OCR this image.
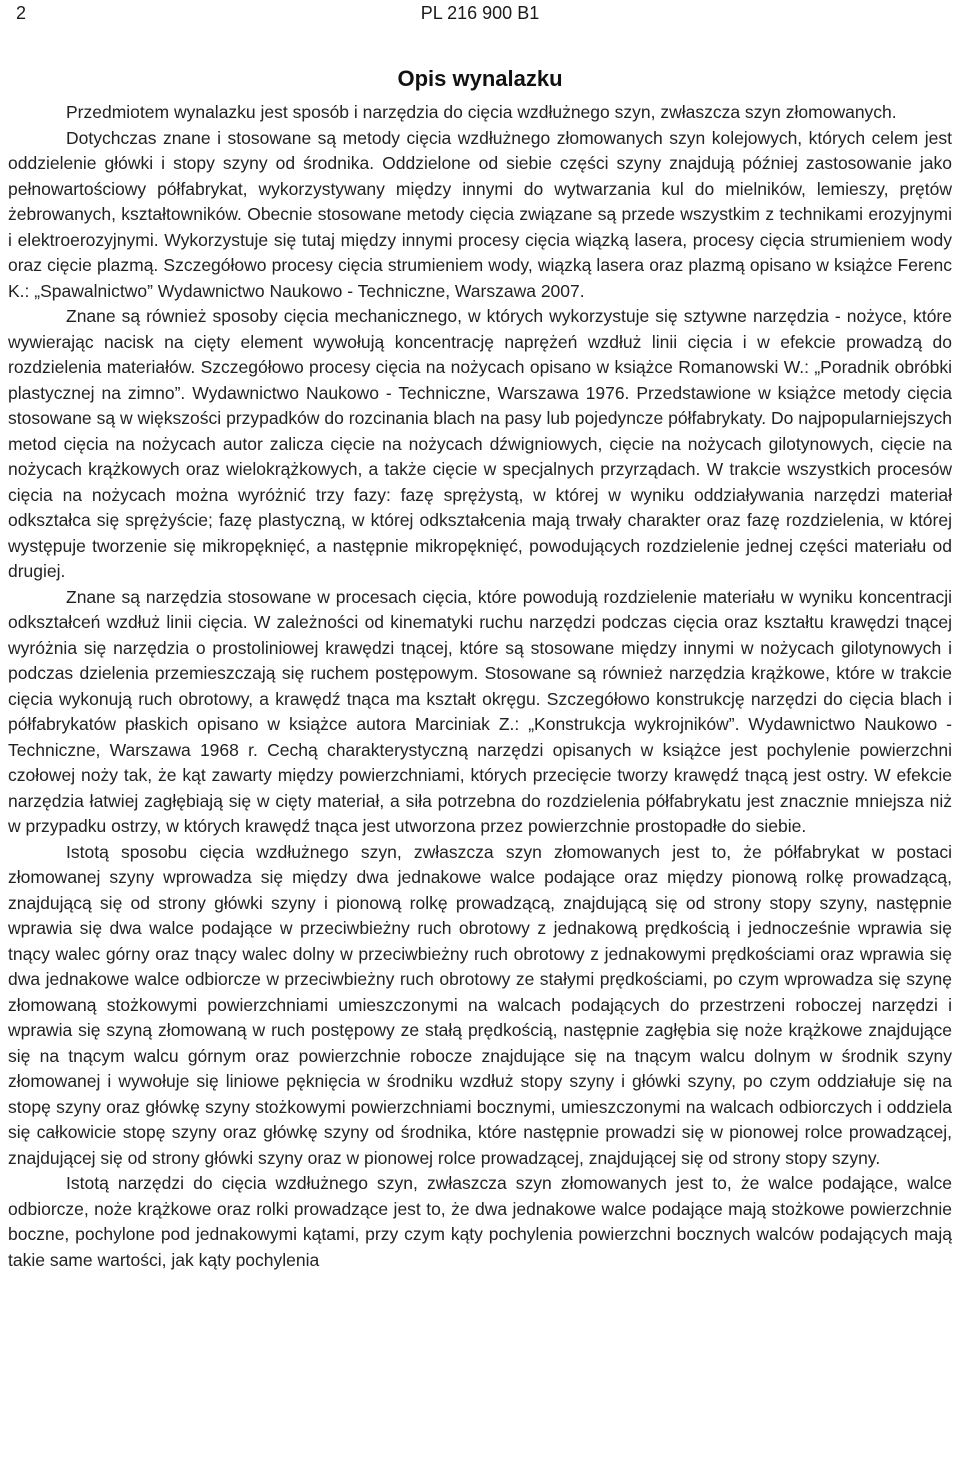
2	PL 216 900 B1
Opis wynalazku

Przedmiotem wynalazku jest sposób i narzędzia do cięcia wzdłużnego szyn, zwłaszcza szyn złomowanych.

Dotychczas znane i stosowane są metody cięcia wzdłużnego złomowanych szyn kolejowych, których celem jest oddzielenie główki i stopy szyny od środnika. Oddzielone od siebie części szyny znajdują później zastosowanie jako pełnowartościowy półfabrykat, wykorzystywany między innymi do wytwarzania kul do mielników, lemieszy, prętów żebrowanych, kształtowników. Obecnie stosowane metody cięcia związane są przede wszystkim z technikami erozyjnymi i elektroerozyjnymi. Wykorzystuje się tutaj między innymi procesy cięcia wiązką lasera, procesy cięcia strumieniem wody oraz cięcie plazmą. Szczegółowo procesy cięcia strumieniem wody, wiązką lasera oraz plazmą opisano w książce Ferenc K.: „Spawalnictwo” Wydawnictwo Naukowo - Techniczne, Warszawa 2007.

Znane są również sposoby cięcia mechanicznego, w których wykorzystuje się sztywne narzędzia - nożyce, które wywierając nacisk na cięty element wywołują koncentrację naprężeń wzdłuż linii cięcia i w efekcie prowadzą do rozdzielenia materiałów. Szczegółowo procesy cięcia na nożycach opisano w książce Romanowski W.: „Poradnik obróbki plastycznej na zimno”. Wydawnictwo Naukowo - Techniczne, Warszawa 1976. Przedstawione w książce metody cięcia stosowane są w większości przypadków do rozcinania blach na pasy lub pojedyncze półfabrykaty. Do najpopularniejszych metod cięcia na nożycach autor zalicza cięcie na nożycach dźwigniowych, cięcie na nożycach gilotynowych, cięcie na nożycach krążkowych oraz wielokrążkowych, a także cięcie w specjalnych przyrządach. W trakcie wszystkich procesów cięcia na nożycach można wyróżnić trzy fazy: fazę sprężystą, w której w wyniku oddziaływania narzędzi materiał odkształca się sprężyście; fazę plastyczną, w której odkształcenia mają trwały charakter oraz fazę rozdzielenia, w której występuje tworzenie się mikropęknięć, a następnie mikropęknięć, powodujących rozdzielenie jednej części materiału od drugiej.

Znane są narzędzia stosowane w procesach cięcia, które powodują rozdzielenie materiału w wyniku koncentracji odkształceń wzdłuż linii cięcia. W zależności od kinematyki ruchu narzędzi podczas cięcia oraz kształtu krawędzi tnącej wyróżnia się narzędzia o prostoliniowej krawędzi tnącej, które są stosowane między innymi w nożycach gilotynowych i podczas dzielenia przemieszczają się ruchem postępowym. Stosowane są również narzędzia krążkowe, które w trakcie cięcia wykonują ruch obrotowy, a krawędź tnąca ma kształt okręgu. Szczegółowo konstrukcję narzędzi do cięcia blach i półfabrykatów płaskich opisano w książce autora Marciniak Z.: „Konstrukcja wykrojników”. Wydawnictwo Naukowo - Techniczne, Warszawa 1968 r. Cechą charakterystyczną narzędzi opisanych w książce jest pochylenie powierzchni czołowej noży tak, że kąt zawarty między powierzchniami, których przecięcie tworzy krawędź tnącą jest ostry. W efekcie narzędzia łatwiej zagłębiają się w cięty materiał, a siła potrzebna do rozdzielenia półfabrykatu jest znacznie mniejsza niż w przypadku ostrzy, w których krawędź tnąca jest utworzona przez powierzchnie prostopadłe do siebie.

Istotą sposobu cięcia wzdłużnego szyn, zwłaszcza szyn złomowanych jest to, że półfabrykat w postaci złomowanej szyny wprowadza się między dwa jednakowe walce podające oraz między pionową rolkę prowadzącą, znajdującą się od strony główki szyny i pionową rolkę prowadzącą, znajdującą się od strony stopy szyny, następnie wprawia się dwa walce podające w przeciwbieżny ruch obrotowy z jednakową prędkością i jednocześnie wprawia się tnący walec górny oraz tnący walec dolny w przeciwbieżny ruch obrotowy z jednakowymi prędkościami oraz wprawia się dwa jednakowe walce odbiorcze w przeciwbieżny ruch obrotowy ze stałymi prędkościami, po czym wprowadza się szynę złomowaną stożkowymi powierzchniami umieszczonymi na walcach podających do przestrzeni roboczej narzędzi i wprawia się szyną złomowaną w ruch postępowy ze stałą prędkością, następnie zagłębia się noże krążkowe znajdujące się na tnącym walcu górnym oraz powierzchnie robocze znajdujące się na tnącym walcu dolnym w środnik szyny złomowanej i wywołuje się liniowe pęknięcia w środniku wzdłuż stopy szyny i główki szyny, po czym oddziałuje się na stopę szyny oraz główkę szyny stożkowymi powierzchniami bocznymi, umieszczonymi na walcach odbiorczych i oddziela się całkowicie stopę szyny oraz główkę szyny od środnika, które następnie prowadzi się w pionowej rolce prowadzącej, znajdującej się od strony główki szyny oraz w pionowej rolce prowadzącej, znajdującej się od strony stopy szyny.

Istotą narzędzi do cięcia wzdłużnego szyn, zwłaszcza szyn złomowanych jest to, że walce podające, walce odbiorcze, noże krążkowe oraz rolki prowadzące jest to, że dwa jednakowe walce podające mają stożkowe powierzchnie boczne, pochylone pod jednakowymi kątami, przy czym kąty pochylenia powierzchni bocznych walców podających mają takie same wartości, jak kąty pochylenia
